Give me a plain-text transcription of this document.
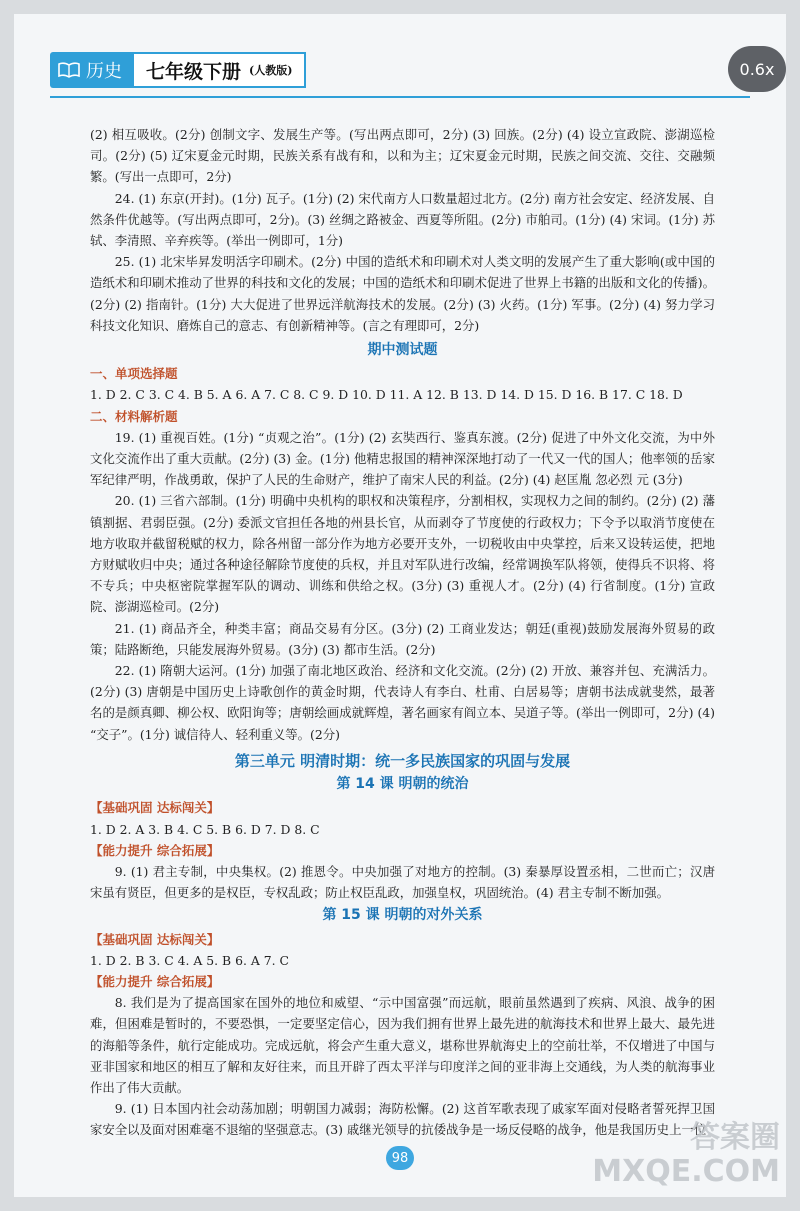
历史 七年级下册 (人教版)	0.6x

(2) 相互吸收。(2分) 创制文字、发展生产等。(写出两点即可，2分) (3) 回族。(2分) (4) 设立宣政院、澎湖巡检司。(2分) (5) 辽宋夏金元时期，民族关系有战有和，以和为主；辽宋夏金元时期，民族之间交流、交往、交融频繁。(写出一点即可，2分)

24. (1) 东京(开封)。(1分) 瓦子。(1分) (2) 宋代南方人口数量超过北方。(2分) 南方社会安定、经济发展、自然条件优越等。(写出两点即可，2分)。(3) 丝绸之路被金、西夏等所阻。(2分) 市舶司。(1分) (4) 宋词。(1分) 苏轼、李清照、辛弃疾等。(举出一例即可，1分)

25. (1) 北宋毕昇发明活字印刷术。(2分) 中国的造纸术和印刷术对人类文明的发展产生了重大影响(或中国的造纸术和印刷术推动了世界的科技和文化的发展；中国的造纸术和印刷术促进了世界上书籍的出版和文化的传播)。(2分) (2) 指南针。(1分) 大大促进了世界远洋航海技术的发展。(2分) (3) 火药。(1分) 军事。(2分) (4) 努力学习科技文化知识、磨炼自己的意志、有创新精神等。(言之有理即可，2分)

期中测试题

一、单项选择题

1. D 2. C 3. C 4. B 5. A 6. A 7. C 8. C 9. D 10. D 11. A 12. B 13. D 14. D 15. D 16. B 17. C 18. D

二、材料解析题

19. (1) 重视百姓。(1分) “贞观之治”。(1分) (2) 玄奘西行、鉴真东渡。(2分) 促进了中外文化交流，为中外文化交流作出了重大贡献。(2分) (3) 金。(1分) 他精忠报国的精神深深地打动了一代又一代的国人；他率领的岳家军纪律严明，作战勇敢，保护了人民的生命财产，维护了南宋人民的利益。(2分) (4) 赵匡胤 忽必烈 元 (3分)

20. (1) 三省六部制。(1分) 明确中央机构的职权和决策程序，分割相权，实现权力之间的制约。(2分) (2) 藩镇割据、君弱臣强。(2分) 委派文官担任各地的州县长官，从而剥夺了节度使的行政权力；下令予以取消节度使在地方收取并截留税赋的权力，除各州留一部分作为地方必要开支外，一切税收由中央掌控，后来又设转运使，把地方财赋收归中央；通过各种途径解除节度使的兵权，并且对军队进行改编，经常调换军队将领，使得兵不识将、将不专兵；中央枢密院掌握军队的调动、训练和供给之权。(3分) (3) 重视人才。(2分) (4) 行省制度。(1分) 宣政院、澎湖巡检司。(2分)

21. (1) 商品齐全，种类丰富；商品交易有分区。(3分) (2) 工商业发达；朝廷(重视)鼓励发展海外贸易的政策；陆路断绝，只能发展海外贸易。(3分) (3) 都市生活。(2分)

22. (1) 隋朝大运河。(1分) 加强了南北地区政治、经济和文化交流。(2分) (2) 开放、兼容并包、充满活力。(2分) (3) 唐朝是中国历史上诗歌创作的黄金时期，代表诗人有李白、杜甫、白居易等；唐朝书法成就斐然，最著名的是颜真卿、柳公权、欧阳询等；唐朝绘画成就辉煌，著名画家有阎立本、吴道子等。(举出一例即可，2分) (4) “交子”。(1分) 诚信待人、轻利重义等。(2分)

第三单元 明清时期：统一多民族国家的巩固与发展
第 14 课 明朝的统治

【基础巩固 达标闯关】

1. D 2. A 3. B 4. C 5. B 6. D 7. D 8. C

【能力提升 综合拓展】

9. (1) 君主专制，中央集权。(2) 推恩令。中央加强了对地方的控制。(3) 秦暴厚设置丞相，二世而亡；汉唐宋虽有贤臣，但更多的是权臣，专权乱政；防止权臣乱政，加强皇权，巩固统治。(4) 君主专制不断加强。

第 15 课 明朝的对外关系

【基础巩固 达标闯关】

1. D 2. B 3. C 4. A 5. B 6. A 7. C

【能力提升 综合拓展】

8. 我们是为了提高国家在国外的地位和威望、“示中国富强”而远航，眼前虽然遇到了疾病、风浪、战争的困难，但困难是暂时的，不要恐惧，一定要坚定信心，因为我们拥有世界上最先进的航海技术和世界上最大、最先进的海船等条件，航行定能成功。完成远航，将会产生重大意义，堪称世界航海史上的空前壮举，不仅增进了中国与亚非国家和地区的相互了解和友好往来，而且开辟了西太平洋与印度洋之间的亚非海上交通线，为人类的航海事业作出了伟大贡献。

9. (1) 日本国内社会动荡加剧；明朝国力减弱；海防松懈。(2) 这首军歌表现了戚家军面对侵略者誓死捍卫国家安全以及面对困难毫不退缩的坚强意志。(3) 戚继光领导的抗倭战争是一场反侵略的战争，他是我国历史上一位

98
答案圈
MXQE.COM
